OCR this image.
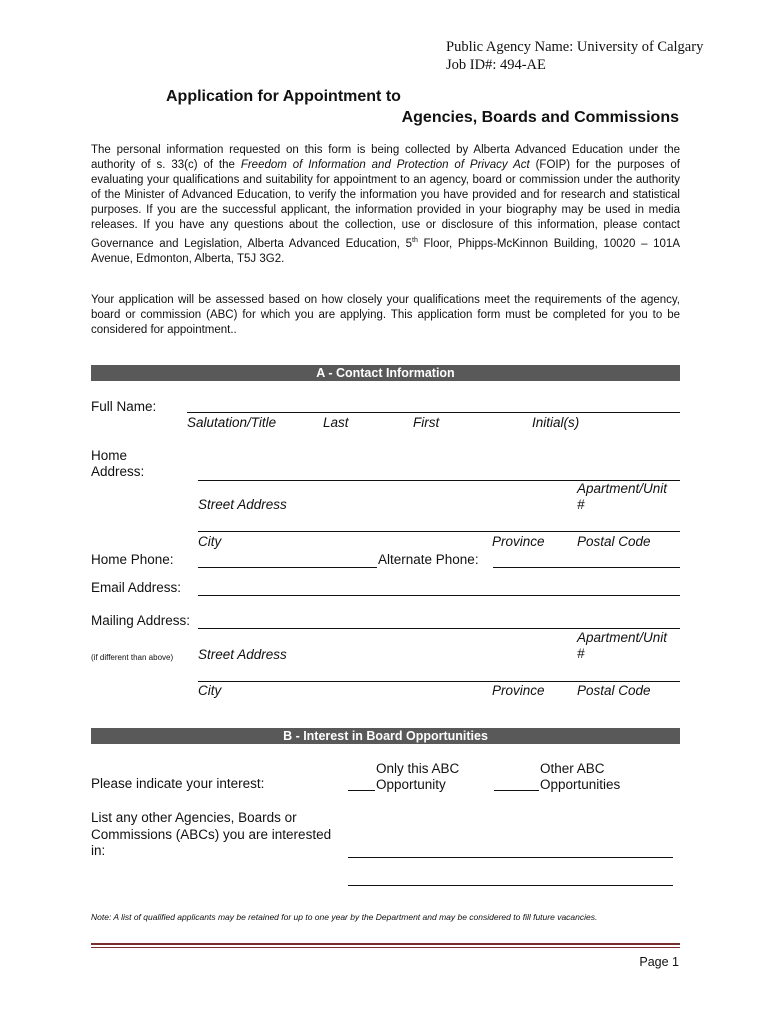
Public Agency Name: University of Calgary
Job ID#: 494-AE
Application for Appointment to
Agencies, Boards and Commissions
The personal information requested on this form is being collected by Alberta Advanced Education under the authority of s. 33(c) of the Freedom of Information and Protection of Privacy Act (FOIP) for the purposes of evaluating your qualifications and suitability for appointment to an agency, board or commission under the authority of the Minister of Advanced Education, to verify the information you have provided and for research and statistical purposes. If you are the successful applicant, the information provided in your biography may be used in media releases. If you have any questions about the collection, use or disclosure of this information, please contact Governance and Legislation, Alberta Advanced Education, 5th Floor, Phipps-McKinnon Building, 10020 – 101A Avenue, Edmonton, Alberta, T5J 3G2.
Your application will be assessed based on how closely your qualifications meet the requirements of the agency, board or commission (ABC) for which you are applying. This application form must be completed for you to be considered for appointment..
A - Contact Information
Full Name:
Salutation/Title	Last	First	Initial(s)
Home
Address:
Street Address
Apartment/Unit
#
City	Province Postal Code
Home Phone:	Alternate Phone:
Email Address:
Mailing Address:
(if different than above) Street Address
Apartment/Unit
#
City	Province Postal Code
B - Interest in Board Opportunities
Please indicate your interest:
Only this ABC
Opportunity
Other ABC
Opportunities
List any other Agencies, Boards or
Commissions (ABCs) you are interested
in:
Note: A list of qualified applicants may be retained for up to one year by the Department and may be considered to fill future vacancies.
Page 1
